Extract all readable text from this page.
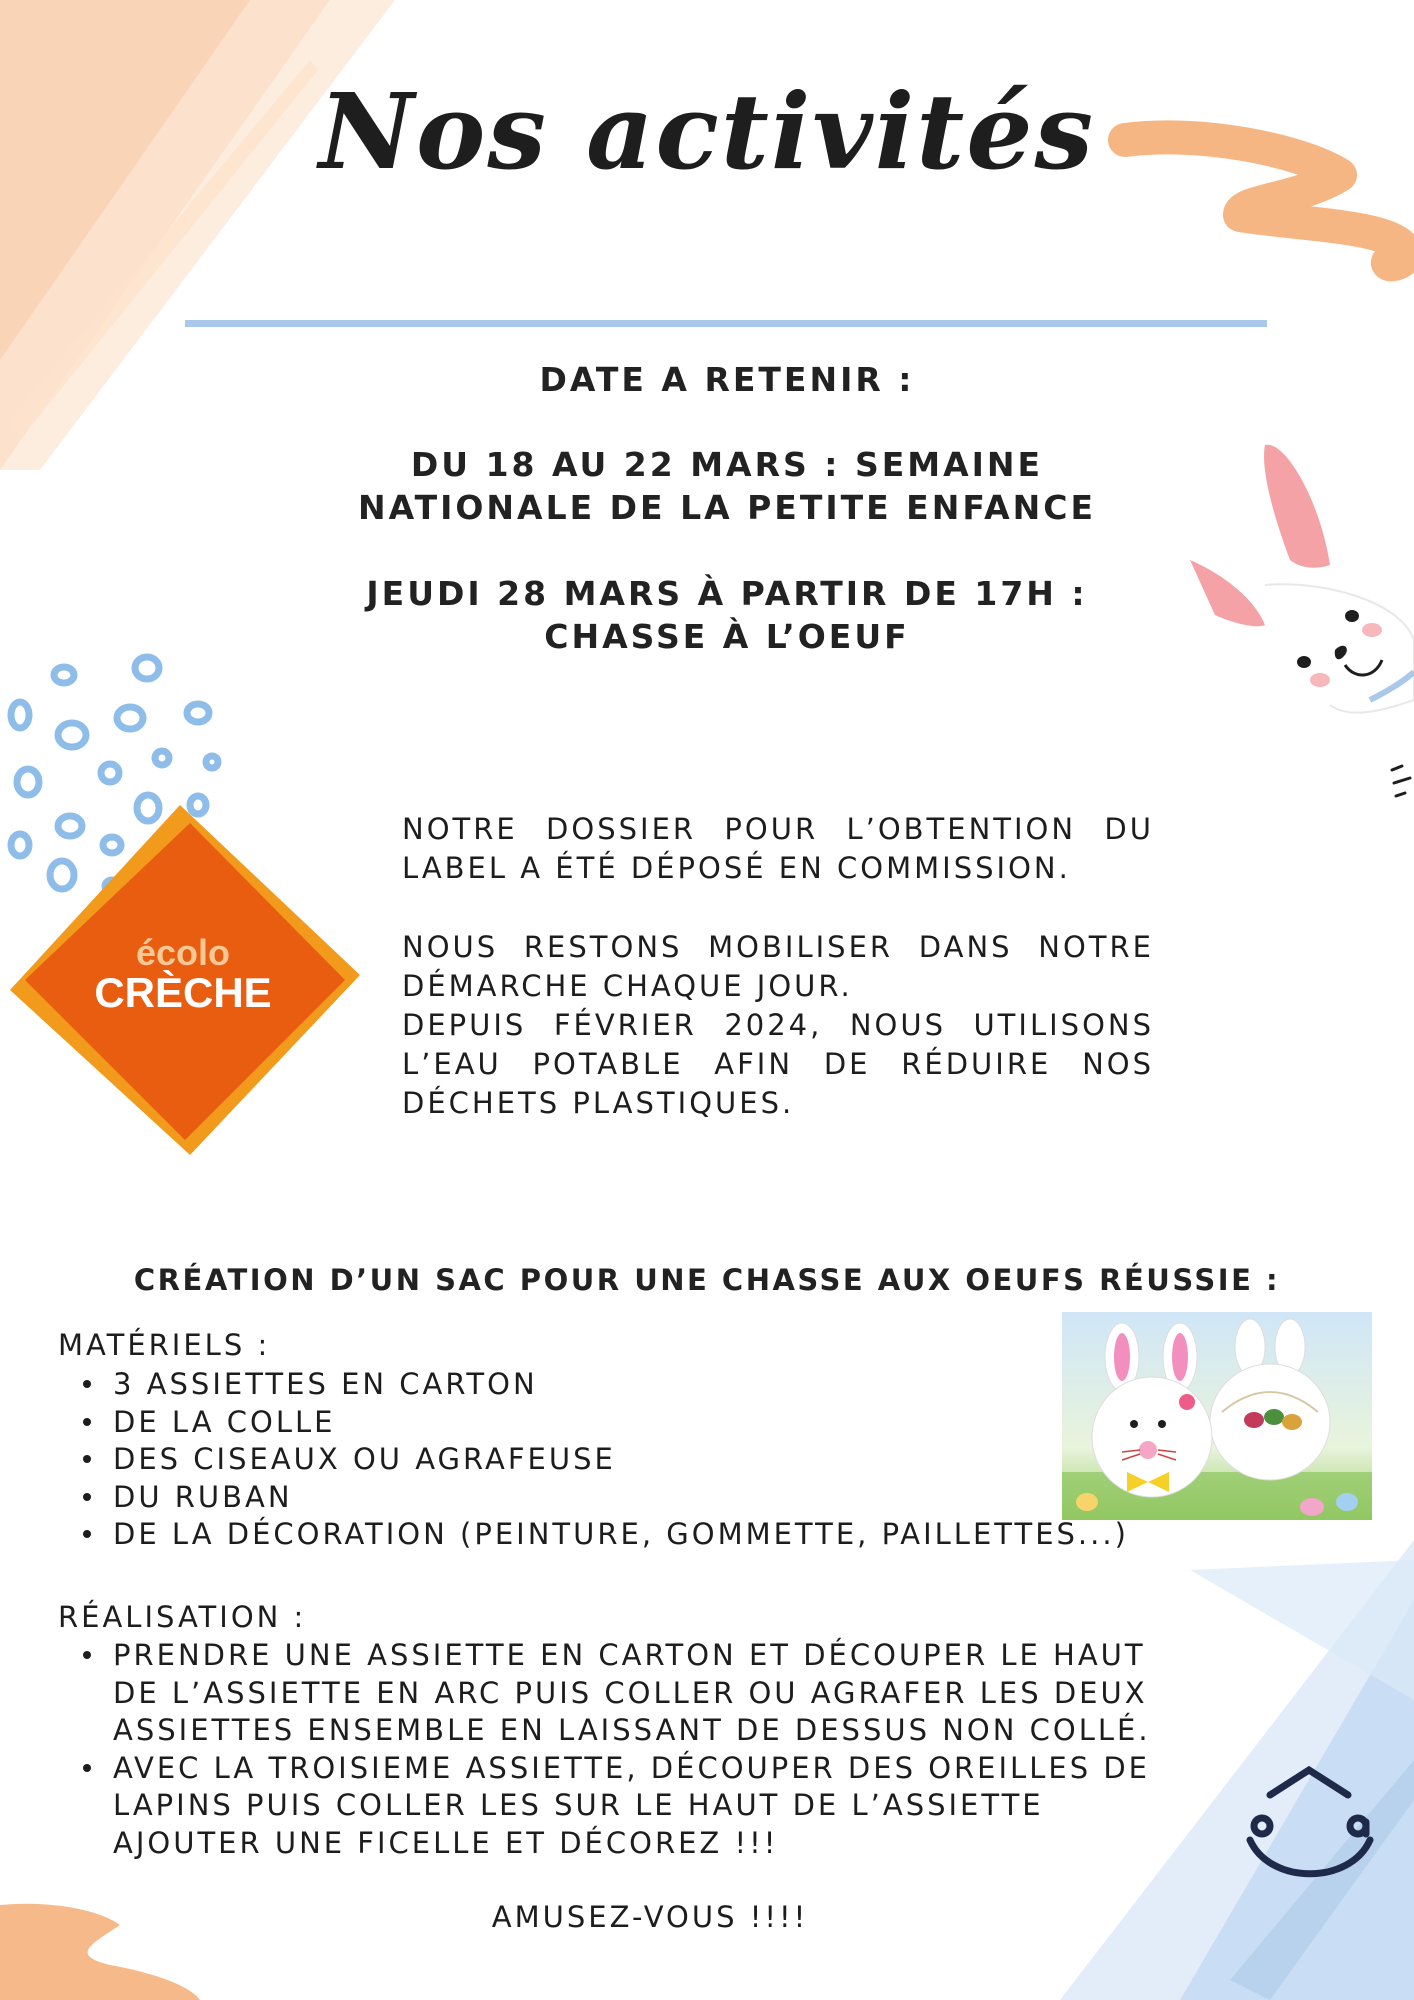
Nos activités
DATE A RETENIR :
DU 18 AU 22 MARS : SEMAINE
NATIONALE DE LA PETITE ENFANCE
JEUDI 28 MARS À PARTIR DE 17H :
CHASSE À L’OEUF
écolo
CRÈCHE
NOTRE DOSSIER POUR L’OBTENTION DU LABEL A ÉTÉ DÉPOSÉ EN COMMISSION.
NOUS RESTONS MOBILISER DANS NOTRE DÉMARCHE CHAQUE JOUR.
DEPUIS FÉVRIER 2024, NOUS UTILISONS L’EAU POTABLE AFIN DE RÉDUIRE NOS DÉCHETS PLASTIQUES.
CRÉATION D’UN SAC POUR UNE CHASSE AUX OEUFS RÉUSSIE :
MATÉRIELS :
3 ASSIETTES EN CARTON
DE LA COLLE
DES CISEAUX OU AGRAFEUSE
DU RUBAN
DE LA DÉCORATION (PEINTURE, GOMMETTE, PAILLETTES...)
RÉALISATION :
PRENDRE UNE ASSIETTE EN CARTON ET DÉCOUPER LE HAUT DE L’ASSIETTE EN ARC PUIS COLLER OU AGRAFER LES DEUX ASSIETTES ENSEMBLE EN LAISSANT DE DESSUS NON COLLÉ.
AVEC LA TROISIEME ASSIETTE, DÉCOUPER DES OREILLES DE LAPINS PUIS COLLER LES SUR LE HAUT DE L’ASSIETTE AJOUTER UNE FICELLE ET DÉCOREZ !!!
AMUSEZ-VOUS !!!!
